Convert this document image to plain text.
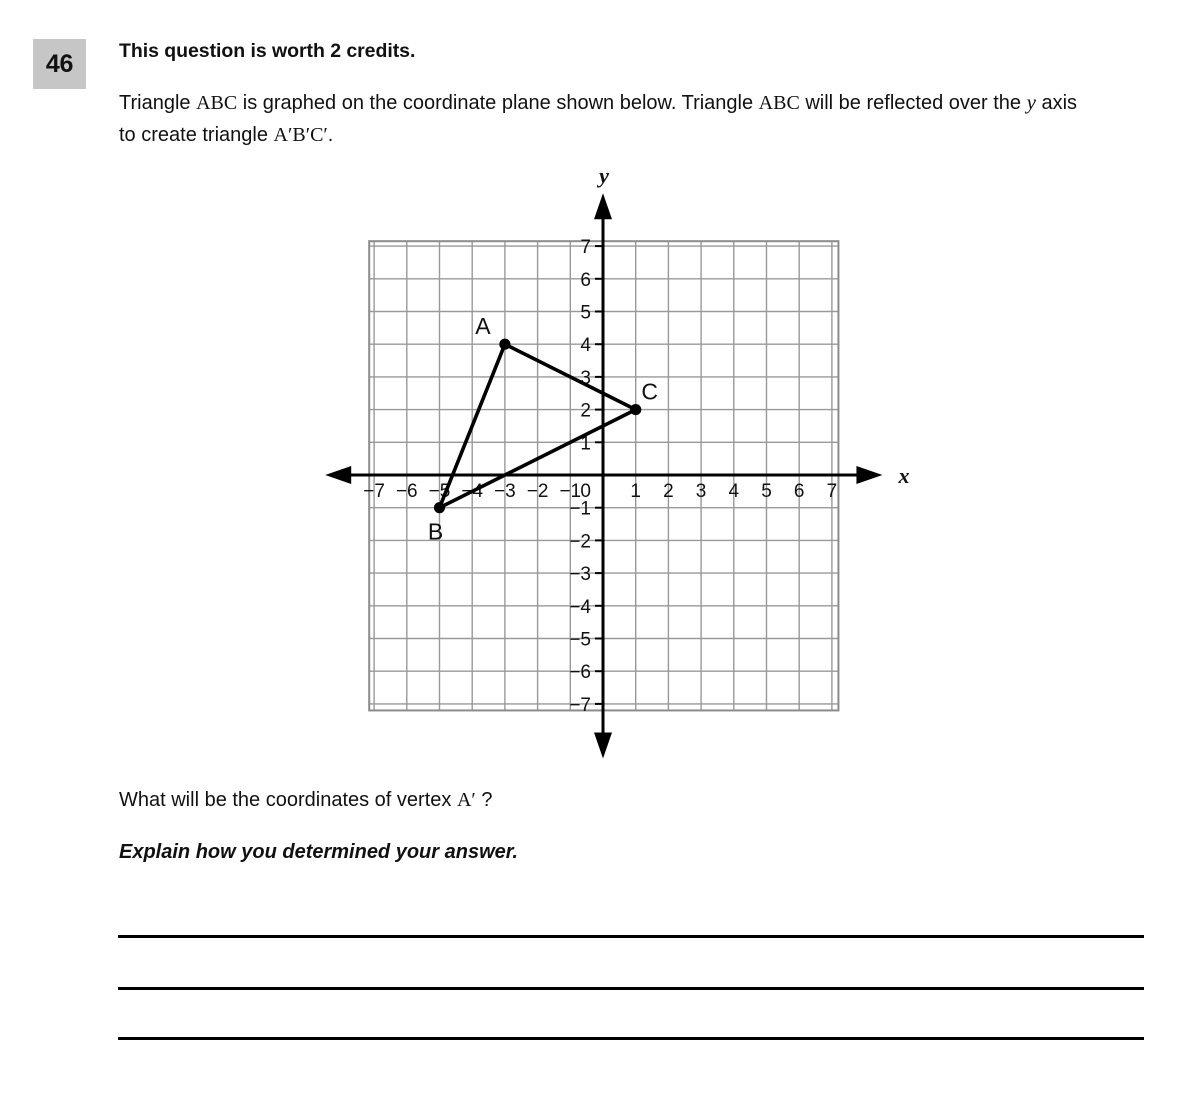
46 This question is worth 2 credits.
Triangle ABC is graphed on the coordinate plane shown below. Triangle ABC will be reflected over the y axis to create triangle A′B′C′.
−7 −6 −5 −4 −3 −2 −1	1 2 3 4 5 6 7
7
6
5
4
3
2
1
−1
−2
−3
−4
−5
−6
−7
0
A
B
C
x
y
What will be the coordinates of vertex A′ ?
Explain how you determined your answer.
